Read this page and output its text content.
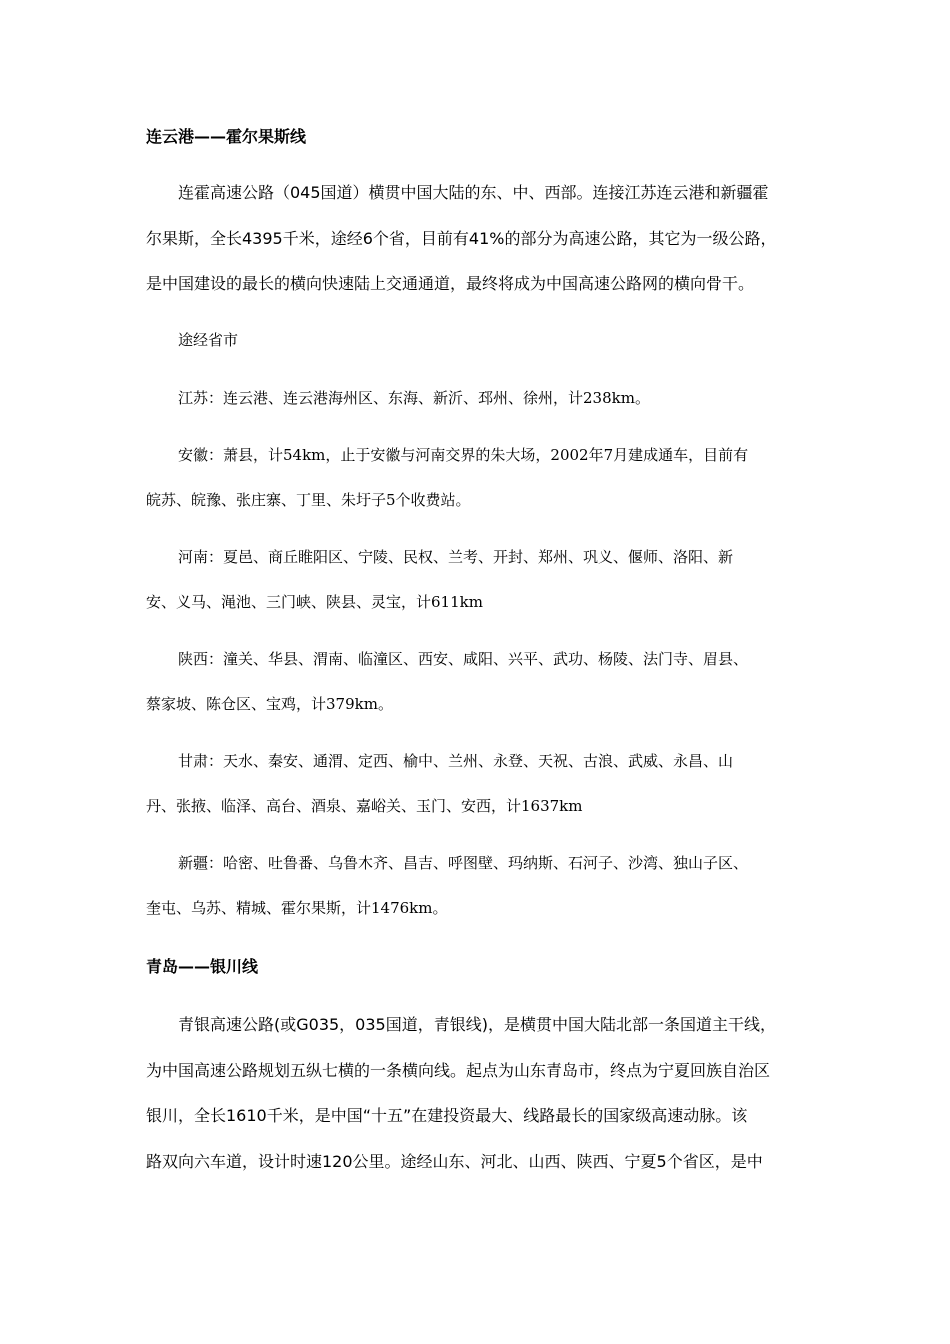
连云港——霍尔果斯线
连霍高速公路（045国道）横贯中国大陆的东、中、西部。连接江苏连云港和新疆霍
尔果斯，全长4395千米，途经6个省，目前有41%的部分为高速公路，其它为一级公路，
是中国建设的最长的横向快速陆上交通通道，最终将成为中国高速公路网的横向骨干。
途经省市
江苏：连云港、连云港海州区、东海、新沂、邳州、徐州，计238km。
安徽：萧县，计54km，止于安徽与河南交界的朱大场，2002年7月建成通车，目前有
皖苏、皖豫、张庄寨、丁里、朱圩子5个收费站。
河南：夏邑、商丘睢阳区、宁陵、民权、兰考、开封、郑州、巩义、偃师、洛阳、新
安、义马、渑池、三门峡、陕县、灵宝，计611km
陕西：潼关、华县、渭南、临潼区、西安、咸阳、兴平、武功、杨陵、法门寺、眉县、
蔡家坡、陈仓区、宝鸡，计379km。
甘肃：天水、秦安、通渭、定西、榆中、兰州、永登、天祝、古浪、武威、永昌、山
丹、张掖、临泽、高台、酒泉、嘉峪关、玉门、安西，计1637km
新疆：哈密、吐鲁番、乌鲁木齐、昌吉、呼图壁、玛纳斯、石河子、沙湾、独山子区、
奎屯、乌苏、精城、霍尔果斯，计1476km。
青岛——银川线
青银高速公路(或G035，035国道，青银线)，是横贯中国大陆北部一条国道主干线，
为中国高速公路规划五纵七横的一条横向线。起点为山东青岛市，终点为宁夏回族自治区
银川，全长1610千米，是中国“十五”在建投资最大、线路最长的国家级高速动脉。该
路双向六车道，设计时速120公里。途经山东、河北、山西、陕西、宁夏5个省区，是中
